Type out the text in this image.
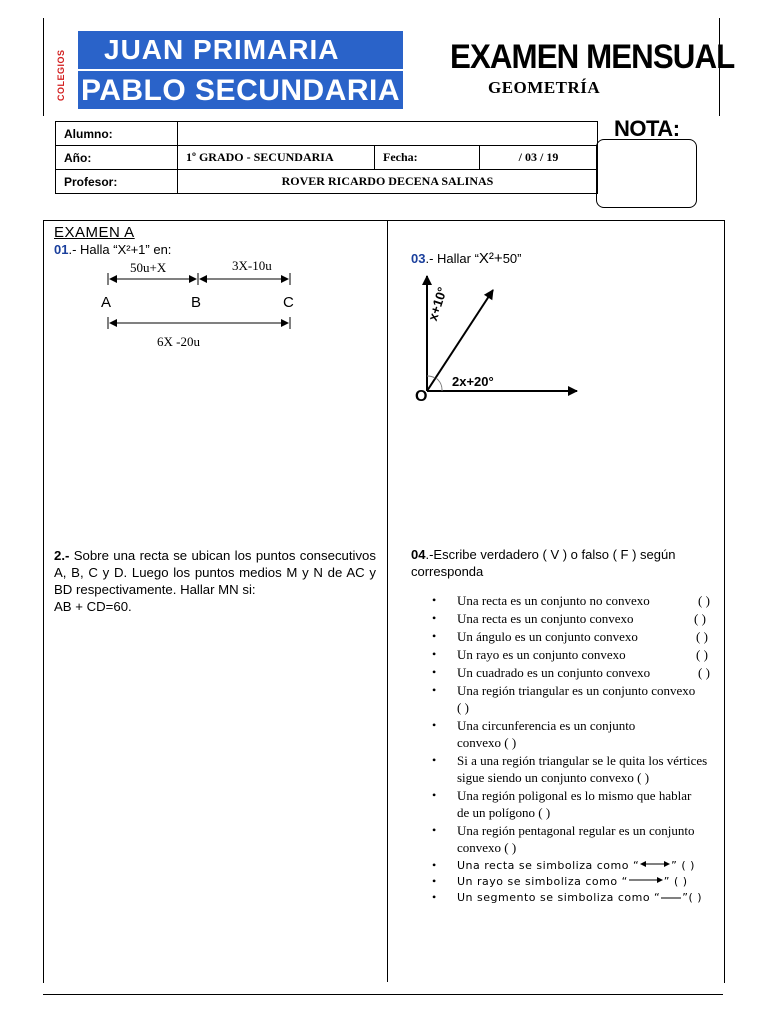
COLEGIOS	JUAN PRIMARIA
PABLO SECUNDARIA
EXAMEN MENSUAL
GEOMETRÍA
Alumno:			
Año:	1º GRADO - SECUNDARIA	Fecha:	/ 03 / 19
Profesor:	ROVER RICARDO DECENA SALINAS		
NOTA:
EXAMEN A
01.- Halla “X²+1” en:
50u+X	3X-10u
A	B	C
6X -20u
2.- Sobre una recta se ubican los puntos consecutivos A, B, C y D. Luego los puntos medios M y N de AC y BD respectivamente. Hallar MN si:
AB + CD=60.
03.- Hallar “X²+50”
x+10°
2x+20°
O
04.-Escribe verdadero ( V ) o falso ( F ) según corresponda
• Una recta es un conjunto no convexo	( )
• Una recta es un conjunto convexo	( )
• Un ángulo es un conjunto convexo	( )
• Un rayo es un conjunto convexo	( )
• Un cuadrado es un conjunto convexo	( )
• Una región triangular es un conjunto convexo ( )
• Una circunferencia es un conjunto convexo ( )
• Si a una región triangular se le quita los vértices sigue siendo un conjunto convexo ( )
• Una región poligonal es lo mismo que hablar de un polígono ( )
• Una región pentagonal regular es un conjunto convexo ( )
• Una recta se simboliza como “	” ( )
• Un rayo se simboliza como “	” ( )
• Un segmento se simboliza como “ ”( )
